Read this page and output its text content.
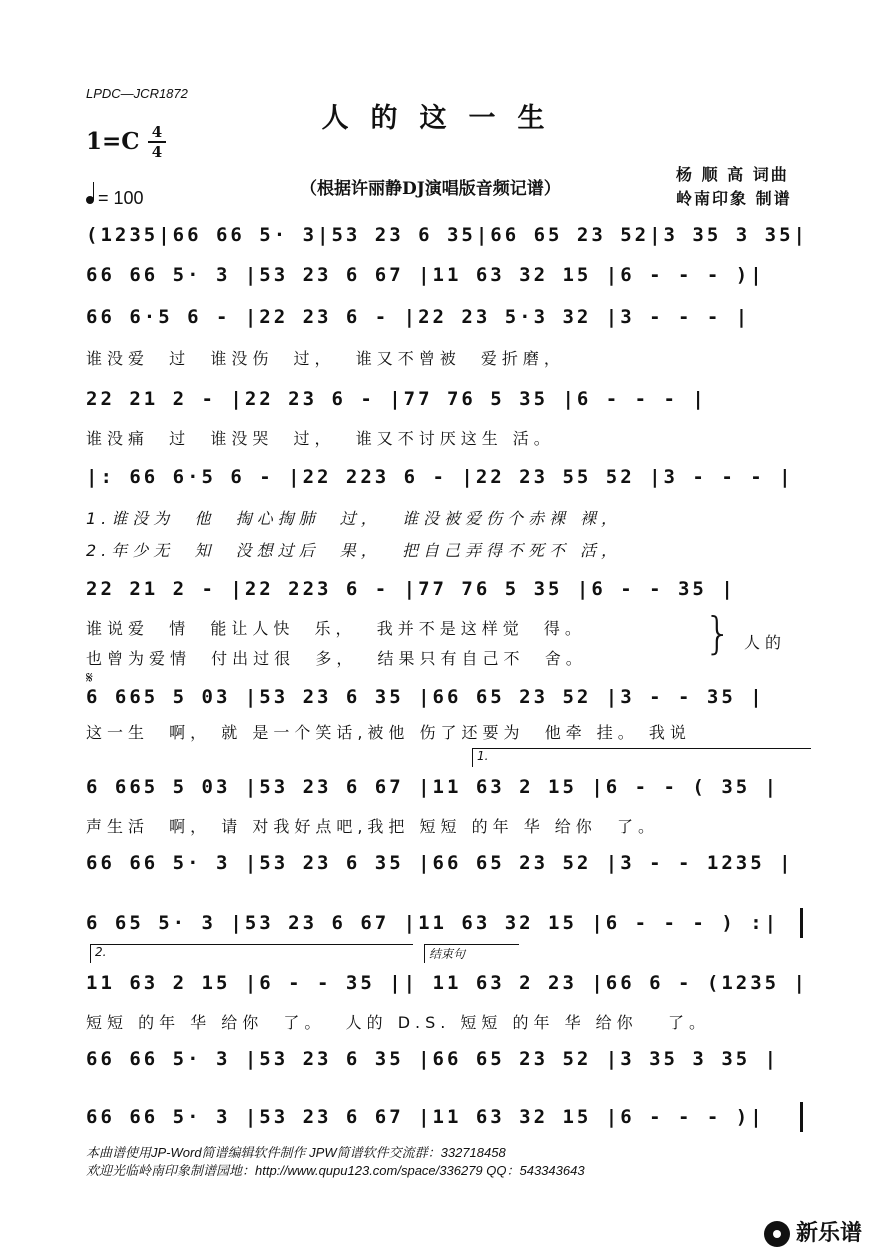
LPDC—JCR1872
人的这一生
1=C 4
4
（根据许丽静DJ演唱版音频记谱）
杨 顺 高 词曲
岭南印象 制谱
= 100
(1235|66 66 5· 3|53 23 6 35|66 65 23 52|3 35 3 35|
66 66 5· 3 |53 23 6 67 |11 63 32 15 |6 - - - )|
66 6·5 6 - |22 23 6 - |22 23 5·3 32 |3 - - - |
谁没爱  过  谁没伤  过，  谁又不曾被  爱折磨，
22 21 2 - |22 23 6 - |77 76 5 35 |6 - - - |
谁没痛  过  谁没哭  过，  谁又不讨厌这生 活。
|: 66 6·5 6 - |22 223 6 - |22 23 55 52 |3 - - - |
1.谁没为  他  掏心掏肺  过，  谁没被爱伤个赤裸 裸，
2.年少无  知  没想过后  果，  把自己弄得不死不 活，
22 21 2 - |22 223 6 - |77 76 5 35 |6 - - 35 |
谁说爱  情  能让人快  乐，  我并不是这样觉  得。
也曾为爱情  付出过很  多，  结果只有自己不  舍。	} 人的
𝄋
6 665 5 03 |53 23 6 35 |66 65 23 52 |3 - - 35 |
这一生  啊， 就 是一个笑话,被他 伤了还要为  他牵 挂。 我说
1.
6 665 5 03 |53 23 6 67 |11 63 2 15 |6 - - ( 35 |
声生活  啊， 请 对我好点吧,我把 短短 的年 华 给你  了。
66 66 5· 3 |53 23 6 35 |66 65 23 52 |3 - - 1235 |
6 65 5· 3 |53 23 6 67 |11 63 32 15 |6 - - - ) :|
2.	结束句
11 63 2 15 |6 - - 35 || 11 63 2 23 |66 6 - (1235 |
短短 的年 华 给你  了。  人的 D.S. 短短 的年 华 给你   了。
66 66 5· 3 |53 23 6 35 |66 65 23 52 |3 35 3 35 |
66 66 5· 3 |53 23 6 67 |11 63 32 15 |6 - - - )|
本曲谱使用JP-Word简谱编辑软件制作 JPW简谱软件交流群：332718458
欢迎光临岭南印象制谱园地：http://www.qupu123.com/space/336279 QQ：543343643
新乐谱
